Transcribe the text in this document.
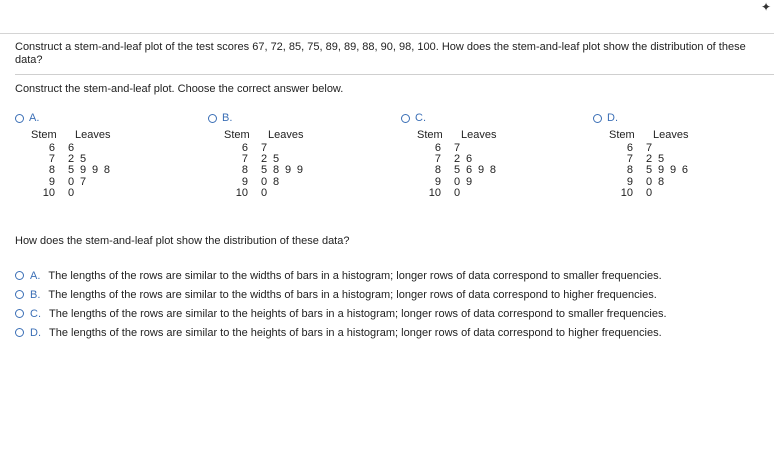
✦
Construct a stem-and-leaf plot of the test scores 67, 72, 85, 75, 89, 89, 88, 90, 98, 100. How does the stem-and-leaf plot show the distribution of these data?
Construct the stem-and-leaf plot. Choose the correct answer below.
A.
Stem Leaves
6 6
7 2 5
8 5 9 9 8
9 0 7
10 0
B.
Stem Leaves
6 7
7 2 5
8 5 8 9 9
9 0 8
10 0
C.
Stem Leaves
6 7
7 2 6
8 5 6 9 8
9 0 9
10 0
D.
Stem Leaves
6 7
7 2 5
8 5 9 9 6
9 0 8
10 0
How does the stem-and-leaf plot show the distribution of these data?
A. The lengths of the rows are similar to the widths of bars in a histogram; longer rows of data correspond to smaller frequencies.
B. The lengths of the rows are similar to the widths of bars in a histogram; longer rows of data correspond to higher frequencies.
C. The lengths of the rows are similar to the heights of bars in a histogram; longer rows of data correspond to smaller frequencies.
D. The lengths of the rows are similar to the heights of bars in a histogram; longer rows of data correspond to higher frequencies.
